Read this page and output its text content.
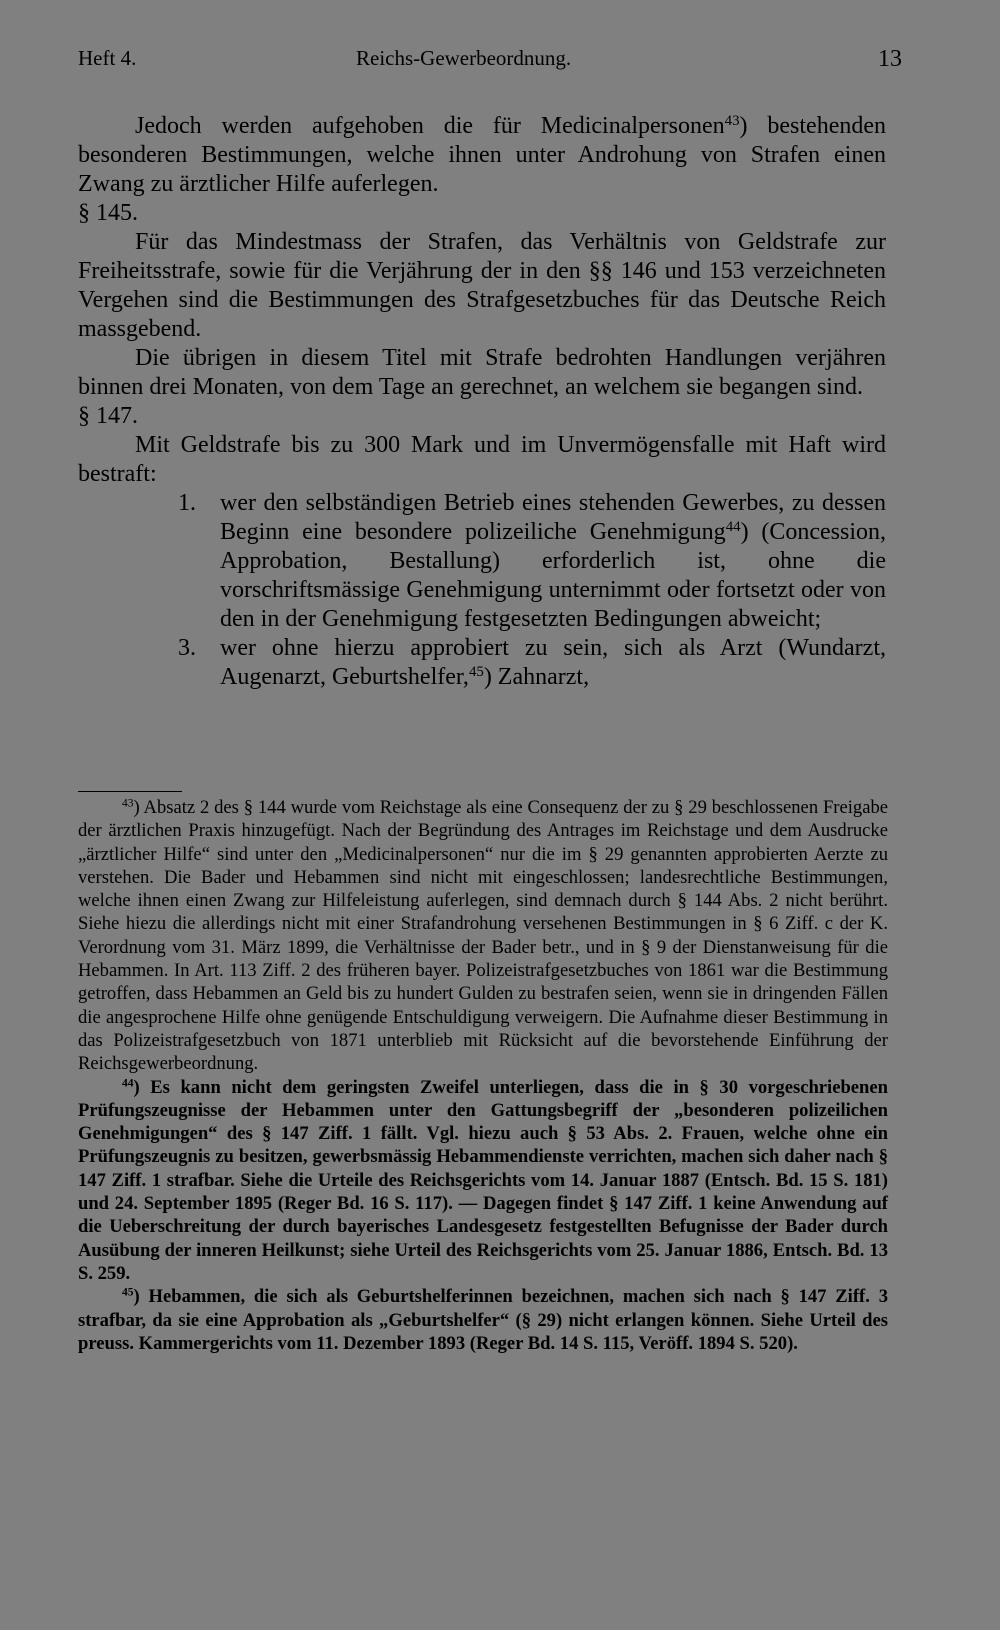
Heft 4.	Reichs-Gewerbeordnung.	13

Jedoch werden aufgehoben die für Medicinalpersonen$^{43}$) bestehenden besonderen Bestimmungen, welche ihnen unter Androhung von Strafen einen Zwang zu ärztlicher Hilfe auferlegen.

§ 145.

Für das Mindestmass der Strafen, das Verhältnis von Geldstrafe zur Freiheitsstrafe, sowie für die Verjährung der in den §§ 146 und 153 verzeichneten Vergehen sind die Bestimmungen des Strafgesetzbuches für das Deutsche Reich massgebend.

Die übrigen in diesem Titel mit Strafe bedrohten Handlungen verjähren binnen drei Monaten, von dem Tage an gerechnet, an welchem sie begangen sind.

§ 147.

Mit Geldstrafe bis zu 300 Mark und im Unvermögensfalle mit Haft wird bestraft:

1. wer den selbständigen Betrieb eines stehenden Gewerbes, zu dessen Beginn eine besondere polizeiliche Genehmigung$^{44}$) (Concession, Approbation, Bestallung) erforderlich ist, ohne die vorschriftsmässige Genehmigung unternimmt oder fortsetzt oder von den in der Genehmigung festgesetzten Bedingungen abweicht;
3. wer ohne hierzu approbiert zu sein, sich als Arzt (Wundarzt, Augenarzt, Geburtshelfer,$^{45}$) Zahnarzt,

$^{43}$) Absatz 2 des § 144 wurde vom Reichstage als eine Consequenz der zu § 29 beschlossenen Freigabe der ärztlichen Praxis hinzugefügt. Nach der Begründung des Antrages im Reichstage und dem Ausdrucke „ärztlicher Hilfe“ sind unter den „Medicinalpersonen“ nur die im § 29 genannten approbierten Aerzte zu verstehen. Die Bader und Hebammen sind nicht mit eingeschlossen; landesrechtliche Bestimmungen, welche ihnen einen Zwang zur Hilfeleistung auferlegen, sind demnach durch § 144 Abs. 2 nicht berührt. Siehe hiezu die allerdings nicht mit einer Strafandrohung versehenen Bestimmungen in § 6 Ziff. c der K. Verordnung vom 31. März 1899, die Verhältnisse der Bader betr., und in § 9 der Dienstanweisung für die Hebammen. In Art. 113 Ziff. 2 des früheren bayer. Polizeistrafgesetzbuches von 1861 war die Bestimmung getroffen, dass Hebammen an Geld bis zu hundert Gulden zu bestrafen seien, wenn sie in dringenden Fällen die angesprochene Hilfe ohne genügende Entschuldigung verweigern. Die Aufnahme dieser Bestimmung in das Polizeistrafgesetzbuch von 1871 unterblieb mit Rücksicht auf die bevorstehende Einführung der Reichsgewerbeordnung.

$^{44}$) Es kann nicht dem geringsten Zweifel unterliegen, dass die in § 30 vorgeschriebenen Prüfungszeugnisse der Hebammen unter den Gattungsbegriff der „besonderen polizeilichen Genehmigungen“ des § 147 Ziff. 1 fällt. Vgl. hiezu auch § 53 Abs. 2. Frauen, welche ohne ein Prüfungszeugnis zu besitzen, gewerbsmässig Hebammendienste verrichten, machen sich daher nach § 147 Ziff. 1 strafbar. Siehe die Urteile des Reichsgerichts vom 14. Januar 1887 (Entsch. Bd. 15 S. 181) und 24. September 1895 (Reger Bd. 16 S. 117). — Dagegen findet § 147 Ziff. 1 keine Anwendung auf die Ueberschreitung der durch bayerisches Landesgesetz festgestellten Befugnisse der Bader durch Ausübung der inneren Heilkunst; siehe Urteil des Reichsgerichts vom 25. Januar 1886, Entsch. Bd. 13 S. 259.

$^{45}$) Hebammen, die sich als Geburtshelferinnen bezeichnen, machen sich nach § 147 Ziff. 3 strafbar, da sie eine Approbation als „Geburtshelfer“ (§ 29) nicht erlangen können. Siehe Urteil des preuss. Kammergerichts vom 11. Dezember 1893 (Reger Bd. 14 S. 115, Veröff. 1894 S. 520).
